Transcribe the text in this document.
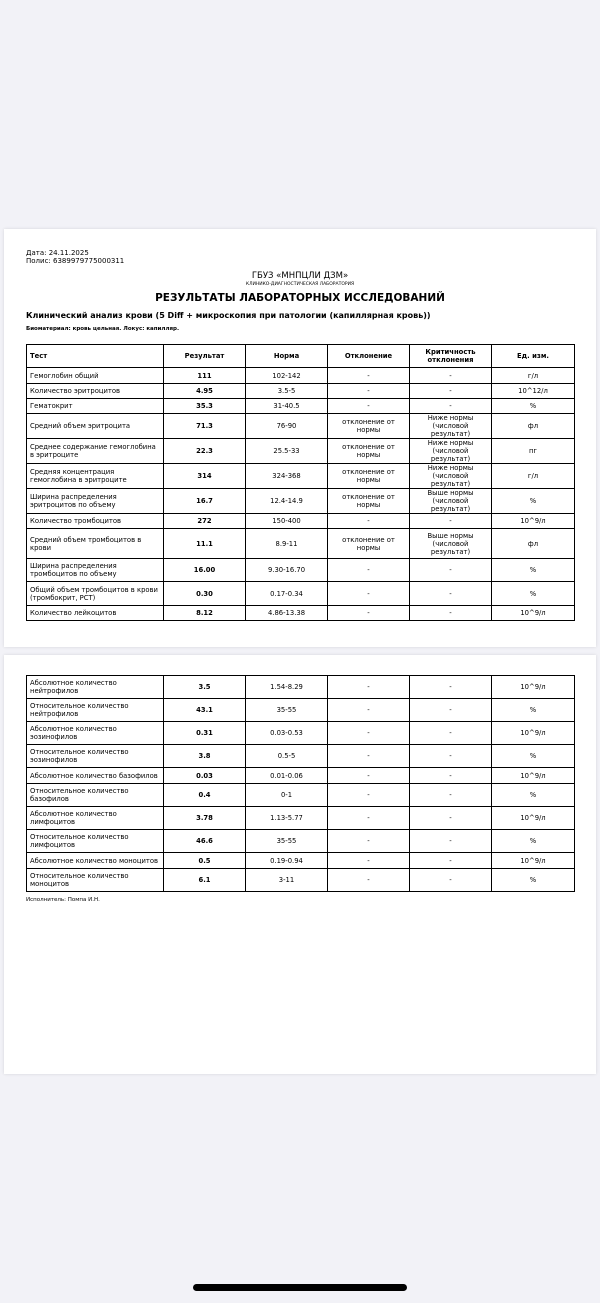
Дата: 24.11.2025
Полис: 6389979775000311
ГБУЗ «МНПЦЛИ ДЗМ»
КЛИНИКО-ДИАГНОСТИЧЕСКАЯ ЛАБОРАТОРИЯ
РЕЗУЛЬТАТЫ ЛАБОРАТОРНЫХ ИССЛЕДОВАНИЙ
Клинический анализ крови (5 Diff + микроскопия при патологии (капиллярная кровь))
Биоматериал: кровь цельная. Локус: капилляр.
Тест	Результат	Норма	Отклонение	Критичность отклонения	Ед. изм.
Гемоглобин общий	111	102-142	-	-	г/л
Количество эритроцитов	4.95	3.5-5	-	-	10^12/л
Гематокрит	35.3	31-40.5	-	-	%
Средний объем эритроцита	71.3	76-90	отклонение от нормы	Ниже нормы (числовой результат)	фл
Среднее содержание гемоглобина в эритроците	22.3	25.5-33	отклонение от нормы	Ниже нормы (числовой результат)	пг
Средняя концентрация гемоглобина в эритроците	314	324-368	отклонение от нормы	Ниже нормы (числовой результат)	г/л
Ширина распределения эритроцитов по объему	16.7	12.4-14.9	отклонение от нормы	Выше нормы (числовой результат)	%
Количество тромбоцитов	272	150-400	-	-	10^9/л
Средний объем тромбоцитов в крови	11.1	8.9-11	отклонение от нормы	Выше нормы (числовой результат)	фл
Ширина распределения тромбоцитов по объему	16.00	9.30-16.70	-	-	%
Общий объем тромбоцитов в крови (тромбокрит, PCT)	0.30	0.17-0.34	-	-	%
Количество лейкоцитов	8.12	4.86-13.38	-	-	10^9/л
Абсолютное количество нейтрофилов	3.5	1.54-8.29	-	-	10^9/л
Относительное количество нейтрофилов	43.1	35-55	-	-	%
Абсолютное количество эозинофилов	0.31	0.03-0.53	-	-	10^9/л
Относительное количество эозинофилов	3.8	0.5-5	-	-	%
Абсолютное количество базофилов	0.03	0.01-0.06	-	-	10^9/л
Относительное количество базофилов	0.4	0-1	-	-	%
Абсолютное количество лимфоцитов	3.78	1.13-5.77	-	-	10^9/л
Относительное количество лимфоцитов	46.6	35-55	-	-	%
Абсолютное количество моноцитов	0.5	0.19-0.94	-	-	10^9/л
Относительное количество моноцитов	6.1	3-11	-	-	%
Исполнитель: Помпа И.Н.
